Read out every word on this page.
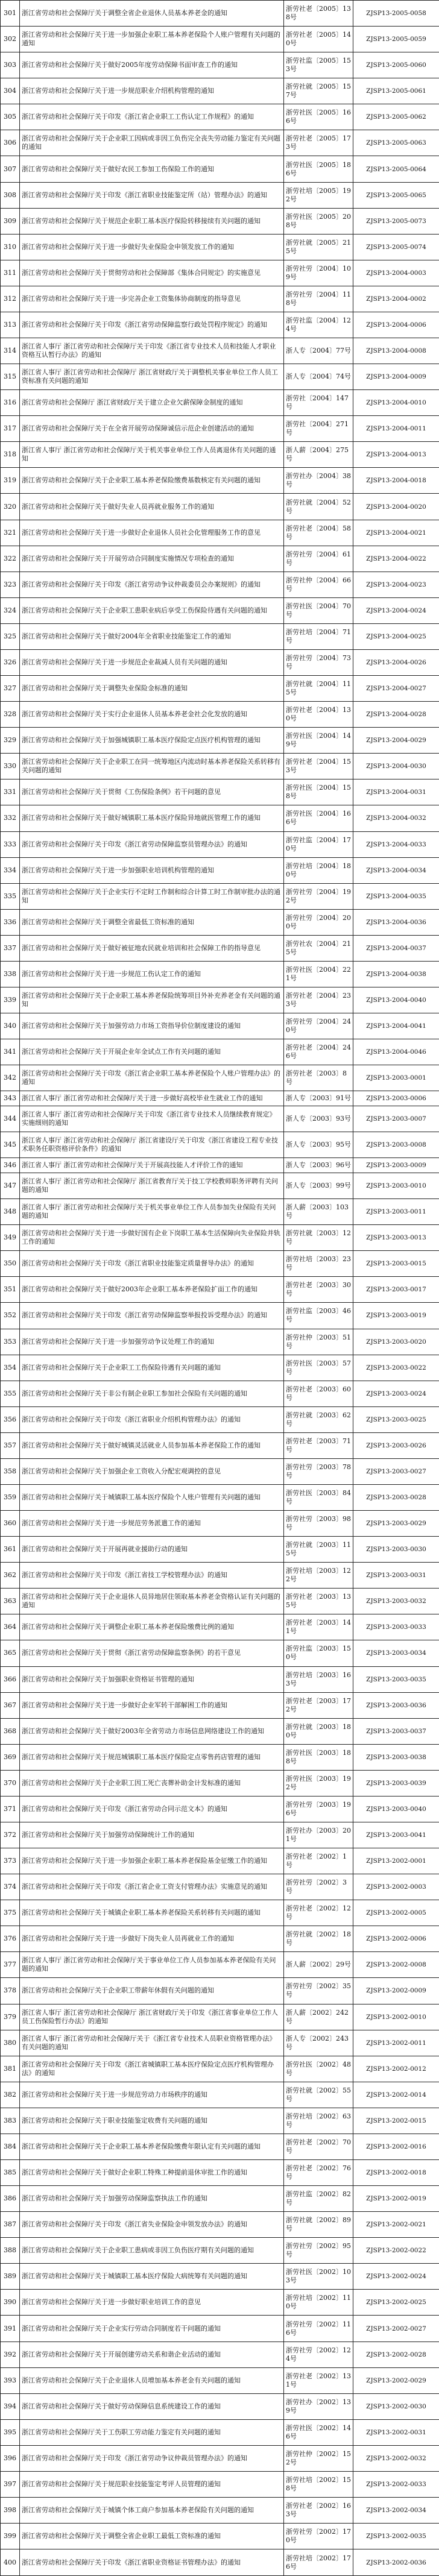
301	浙江省劳动和社会保障厅关于调整全省企业退休人员基本养老金的通知	浙劳社老〔2005〕138号	ZJSP13-2005-0058
302	浙江省劳动和社会保障厅关于进一步加强企业职工基本养老保险个人账户管理有关问题的通知	浙劳社老〔2005〕140号	ZJSP13-2005-0059
303	浙江省劳动和社会保障厅关于做好2005年度劳动保障书面审查工作的通知	浙劳社监〔2005〕153号	ZJSP13-2005-0060
304	浙江省劳动和社会保障厅关于进一步规范职业介绍机构管理的通知	浙劳社就〔2005〕157号	ZJSP13-2005-0061
305	浙江省劳动和社会保障厅关于印发《浙江省企业职工工伤认定工作规程》的通知	浙劳社医〔2005〕166号	ZJSP13-2005-0062
306	浙江省劳动和社会保障厅关于企业职工因病或非因工负伤完全丧失劳动能力鉴定有关问题的通知	浙劳社老〔2005〕173号	ZJSP13-2005-0063
307	浙江省劳动和社会保障厅关于做好农民工参加工伤保险工作的通知	浙劳社医〔2005〕186号	ZJSP13-2005-0064
308	浙江省劳动和社会保障厅关于印发《浙江省职业技能鉴定所（站）管理办法》的通知	浙劳社培〔2005〕192号	ZJSP13-2005-0065
309	浙江省劳动和社会保障厅关于规范企业职工基本医疗保险转移接续有关问题的通知	浙劳社医〔2005〕208号	ZJSP13-2005-0073
310	浙江省劳动和社会保障厅关于进一步做好失业保险金申领发放工作的通知	浙劳社就〔2005〕215号	ZJSP13-2005-0074
311	浙江省劳动和社会保障厅关于贯彻劳动和社会保障部《集体合同规定》的实施意见	浙劳社劳〔2004〕109号	ZJSP13-2004-0003
312	浙江省劳动和社会保障厅关于进一步完善企业工资集体协商制度的指导意见	浙劳社劳〔2004〕118号	ZJSP13-2004-0002
313	浙江省劳动和社会保障厅关于印发《浙江省劳动保障监察行政处罚程序规定》的通知	浙劳社监〔2004〕124号	ZJSP13-2004-0006
314	浙江省人事厅 浙江省劳动和社会保障厅关于印发《浙江省专业技术人员和技能人才职业资格互认暂行办法》的通知	浙人专〔2004〕77号	ZJSP13-2004-0008
315	浙江省人事厅 浙江省劳动和社会保障厅 浙江省财政厅关于调整机关事业单位工作人员工资标准有关问题的通知	浙人专〔2004〕74号	ZJSP13-2004-0009
316	浙江省劳动和社会保障厅 浙江省财政厅关于建立企业欠薪保障金制度的通知	浙劳社〔2004〕147号	ZJSP13-2004-0010
317	浙江省劳动和社会保障厅关于在全省开展劳动保障诚信示范企业创建活动的通知	浙劳社〔2004〕271号	ZJSP13-2004-0011
318	浙江省人事厅 浙江省劳动和社会保障厅关于机关事业单位工作人员离退休有关问题的通知	浙人薪〔2004〕275号	ZJSP13-2004-0013
319	浙江省劳动和社会保障厅关于企业职工基本养老保险缴费基数核定有关问题的通知	浙劳社办〔2004〕38号	ZJSP13-2004-0018
320	浙江省劳动和社会保障厅关于做好失业人员再就业服务工作的通知	浙劳社就〔2004〕52号	ZJSP13-2004-0020
321	浙江省劳动和社会保障厅关于进一步做好企业退休人员社会化管理服务工作的意见	浙劳社老〔2004〕58号	ZJSP13-2004-0021
322	浙江省劳动和社会保障厅关于开展劳动合同制度实施情况专项检查的通知	浙劳社劳〔2004〕61号	ZJSP13-2004-0022
323	浙江省劳动和社会保障厅关于印发《浙江省劳动争议仲裁委员会办案规则》的通知	浙劳社仲〔2004〕66号	ZJSP13-2004-0023
324	浙江省劳动和社会保障厅关于企业职工患职业病后享受工伤保险待遇有关问题的通知	浙劳社医〔2004〕70号	ZJSP13-2004-0024
325	浙江省劳动和社会保障厅关于做好2004年全省职业技能鉴定工作的通知	浙劳社培〔2004〕71号	ZJSP13-2004-0025
326	浙江省劳动和社会保障厅关于进一步规范企业裁减人员有关问题的通知	浙劳社劳〔2004〕73号	ZJSP13-2004-0026
327	浙江省劳动和社会保障厅关于调整失业保险金标准的通知	浙劳社就〔2004〕115号	ZJSP13-2004-0027
328	浙江省劳动和社会保障厅关于实行企业退休人员基本养老金社会化发放的通知	浙劳社老〔2004〕130号	ZJSP13-2004-0028
329	浙江省劳动和社会保障厅关于加强城镇职工基本医疗保险定点医疗机构管理的通知	浙劳社医〔2004〕149号	ZJSP13-2004-0029
330	浙江省劳动和社会保障厅关于企业职工在同一统筹地区内流动时基本养老保险关系转移有关问题的通知	浙劳社老〔2004〕153号	ZJSP13-2004-0030
331	浙江省劳动和社会保障厅关于贯彻《工伤保险条例》若干问题的意见	浙劳社医〔2004〕158号	ZJSP13-2004-0031
332	浙江省劳动和社会保障厅关于做好城镇职工基本医疗保险异地就医管理工作的通知	浙劳社医〔2004〕166号	ZJSP13-2004-0032
333	浙江省劳动和社会保障厅关于印发《浙江省劳动保障监察员管理办法》的通知	浙劳社监〔2004〕170号	ZJSP13-2004-0033
334	浙江省劳动和社会保障厅关于进一步加强职业培训机构管理的通知	浙劳社培〔2004〕180号	ZJSP13-2004-0034
335	浙江省劳动和社会保障厅关于企业实行不定时工作制和综合计算工时工作制审批办法的通知	浙劳社劳〔2004〕192号	ZJSP13-2004-0035
336	浙江省劳动和社会保障厅关于调整全省最低工资标准的通知	浙劳社劳〔2004〕200号	ZJSP13-2004-0036
337	浙江省劳动和社会保障厅关于做好被征地农民就业培训和社会保障工作的指导意见	浙劳社农〔2004〕215号	ZJSP13-2004-0037
338	浙江省劳动和社会保障厅关于进一步规范工伤认定工作的通知	浙劳社医〔2004〕221号	ZJSP13-2004-0038
339	浙江省劳动和社会保障厅关于企业职工基本养老保险统筹项目外补充养老金有关问题的通知	浙劳社老〔2004〕233号	ZJSP13-2004-0040
340	浙江省劳动和社会保障厅关于加强劳动力市场工资指导价位制度建设的通知	浙劳社劳〔2004〕240号	ZJSP13-2004-0041
341	浙江省劳动和社会保障厅关于开展企业年金试点工作有关问题的通知	浙劳社老〔2004〕246号	ZJSP13-2004-0046
342	浙江省劳动和社会保障厅关于印发《浙江省企业职工基本养老保险个人账户管理办法》的通知	浙劳社老〔2003〕8号	ZJSP13-2003-0001
343	浙江省人事厅 浙江省劳动和社会保障厅关于进一步做好高校毕业生就业工作的通知	浙人专〔2003〕91号	ZJSP13-2003-0006
344	浙江省人事厅 浙江省劳动和社会保障厅关于印发《浙江省专业技术人员继续教育规定》实施细则的通知	浙人专〔2003〕93号	ZJSP13-2003-0007
345	浙江省人事厅 浙江省劳动和社会保障厅 浙江省建设厅关于印发《浙江省建设工程专业技术职务任职资格评价条件》的通知	浙人专〔2003〕95号	ZJSP13-2003-0008
346	浙江省人事厅 浙江省劳动和社会保障厅关于开展高技能人才评价工作的通知	浙人专〔2003〕96号	ZJSP13-2003-0009
347	浙江省人事厅 浙江省劳动和社会保障厅 浙江省教育厅关于技工学校教师职务评聘有关问题的通知	浙人专〔2003〕99号	ZJSP13-2003-0010
348	浙江省人事厅 浙江省劳动和社会保障厅关于机关事业单位工作人员参加失业保险有关问题的通知	浙人薪〔2003〕103号	ZJSP13-2003-0011
349	浙江省劳动和社会保障厅关于进一步做好国有企业下岗职工基本生活保障向失业保险并轨工作的通知	浙劳社就〔2003〕12号	ZJSP13-2003-0013
350	浙江省劳动和社会保障厅关于印发《浙江省职业技能鉴定质量督导办法》的通知	浙劳社培〔2003〕23号	ZJSP13-2003-0015
351	浙江省劳动和社会保障厅关于做好2003年企业职工基本养老保险扩面工作的通知	浙劳社老〔2003〕30号	ZJSP13-2003-0017
352	浙江省劳动和社会保障厅关于印发《浙江省劳动保障监察举报投诉受理办法》的通知	浙劳社监〔2003〕46号	ZJSP13-2003-0019
353	浙江省劳动和社会保障厅关于进一步加强劳动争议处理工作的通知	浙劳社仲〔2003〕51号	ZJSP13-2003-0020
354	浙江省劳动和社会保障厅关于企业职工工伤保险待遇有关问题的通知	浙劳社医〔2003〕57号	ZJSP13-2003-0022
355	浙江省劳动和社会保障厅关于非公有制企业职工参加社会保险有关问题的通知	浙劳社老〔2003〕60号	ZJSP13-2003-0024
356	浙江省劳动和社会保障厅关于印发《浙江省职业介绍机构管理办法》的通知	浙劳社就〔2003〕62号	ZJSP13-2003-0025
357	浙江省劳动和社会保障厅关于做好城镇灵活就业人员参加基本养老保险工作的通知	浙劳社老〔2003〕71号	ZJSP13-2003-0026
358	浙江省劳动和社会保障厅关于加强企业工资收入分配宏观调控的意见	浙劳社劳〔2003〕78号	ZJSP13-2003-0027
359	浙江省劳动和社会保障厅关于城镇职工基本医疗保险个人账户管理有关问题的通知	浙劳社医〔2003〕84号	ZJSP13-2003-0028
360	浙江省劳动和社会保障厅关于进一步规范劳务派遣工作的通知	浙劳社劳〔2003〕98号	ZJSP13-2003-0029
361	浙江省劳动和社会保障厅关于开展再就业援助行动的通知	浙劳社就〔2003〕115号	ZJSP13-2003-0030
362	浙江省劳动和社会保障厅关于印发《浙江省技工学校管理办法》的通知	浙劳社培〔2003〕122号	ZJSP13-2003-0031
363	浙江省劳动和社会保障厅关于企业退休人员异地居住领取基本养老金资格认证有关问题的通知	浙劳社老〔2003〕135号	ZJSP13-2003-0032
364	浙江省劳动和社会保障厅关于调整企业职工基本养老保险缴费比例的通知	浙劳社老〔2003〕141号	ZJSP13-2003-0033
365	浙江省劳动和社会保障厅关于贯彻《浙江省劳动保障监察条例》的若干意见	浙劳社监〔2003〕150号	ZJSP13-2003-0034
366	浙江省劳动和社会保障厅关于加强职业资格证书管理的通知	浙劳社培〔2003〕163号	ZJSP13-2003-0035
367	浙江省劳动和社会保障厅关于进一步做好企业军转干部解困工作的通知	浙劳社老〔2003〕172号	ZJSP13-2003-0036
368	浙江省劳动和社会保障厅关于做好2003年全省劳动力市场信息网络建设工作的通知	浙劳社就〔2003〕180号	ZJSP13-2003-0037
369	浙江省劳动和社会保障厅关于规范城镇职工基本医疗保险定点零售药店管理的通知	浙劳社医〔2003〕188号	ZJSP13-2003-0038
370	浙江省劳动和社会保障厅关于企业职工因工死亡丧葬补助金计发标准的通知	浙劳社医〔2003〕192号	ZJSP13-2003-0039
371	浙江省劳动和社会保障厅关于印发《浙江省劳动合同示范文本》的通知	浙劳社劳〔2003〕196号	ZJSP13-2003-0040
372	浙江省劳动和社会保障厅关于加强劳动保障统计工作的通知	浙劳社办〔2003〕201号	ZJSP13-2003-0041
373	浙江省劳动和社会保障厅关于进一步加强企业职工基本养老保险基金征缴工作的通知	浙劳社老〔2002〕1号	ZJSP13-2002-0001
374	浙江省劳动和社会保障厅关于印发《浙江省企业工资支付管理办法》实施意见的通知	浙劳社劳〔2002〕3号	ZJSP13-2002-0003
375	浙江省劳动和社会保障厅关于城镇企业职工基本养老保险关系转移有关问题的通知	浙劳社老〔2002〕12号	ZJSP13-2002-0005
376	浙江省劳动和社会保障厅关于进一步做好下岗失业人员再就业工作的通知	浙劳社就〔2002〕18号	ZJSP13-2002-0006
377	浙江省人事厅 浙江省劳动和社会保障厅关于事业单位工作人员参加基本养老保险有关问题的通知	浙人薪〔2002〕29号	ZJSP13-2002-0008
378	浙江省劳动和社会保障厅关于企业职工带薪年休假有关问题的通知	浙劳社劳〔2002〕35号	ZJSP13-2002-0009
379	浙江省人事厅 浙江省劳动和社会保障厅 浙江省财政厅关于印发《浙江省事业单位工作人员工伤保险暂行办法》的通知	浙人薪〔2002〕242号	ZJSP13-2002-0010
380	浙江省人事厅 浙江省劳动和社会保障厅关于《浙江省专业技术人员职业资格管理办法》有关问题的通知	浙人专〔2002〕243号	ZJSP13-2002-0011
381	浙江省劳动和社会保障厅关于印发《浙江省城镇职工基本医疗保险定点医疗机构管理办法》的通知	浙劳社医〔2002〕48号	ZJSP13-2002-0012
382	浙江省劳动和社会保障厅关于进一步规范劳动力市场秩序的通知	浙劳社就〔2002〕55号	ZJSP13-2002-0014
383	浙江省劳动和社会保障厅关于职业技能鉴定收费有关问题的通知	浙劳社培〔2002〕63号	ZJSP13-2002-0015
384	浙江省劳动和社会保障厅关于企业职工基本养老保险缴费年限认定有关问题的通知	浙劳社老〔2002〕70号	ZJSP13-2002-0016
385	浙江省劳动和社会保障厅关于做好企业职工特殊工种提前退休审批工作的通知	浙劳社老〔2002〕76号	ZJSP13-2002-0018
386	浙江省劳动和社会保障厅关于加强劳动保障监察执法工作的通知	浙劳社监〔2002〕82号	ZJSP13-2002-0019
387	浙江省劳动和社会保障厅关于印发《浙江省失业保险金申领发放办法》的通知	浙劳社就〔2002〕89号	ZJSP13-2002-0021
388	浙江省劳动和社会保障厅关于企业职工患病或非因工负伤医疗期有关问题的通知	浙劳社劳〔2002〕95号	ZJSP13-2002-0022
389	浙江省劳动和社会保障厅关于城镇职工基本医疗保险大病统筹有关问题的通知	浙劳社医〔2002〕103号	ZJSP13-2002-0024
390	浙江省劳动和社会保障厅关于进一步做好职业培训工作的意见	浙劳社培〔2002〕110号	ZJSP13-2002-0025
391	浙江省劳动和社会保障厅关于企业实行劳动合同制度若干问题的通知	浙劳社劳〔2002〕116号	ZJSP13-2002-0027
392	浙江省劳动和社会保障厅关于开展创建劳动关系和谐企业活动的通知	浙劳社劳〔2002〕124号	ZJSP13-2002-0028
393	浙江省劳动和社会保障厅关于企业退休人员增加基本养老金有关问题的通知	浙劳社老〔2002〕131号	ZJSP13-2002-0029
394	浙江省劳动和社会保障厅关于做好劳动保障信息系统建设工作的通知	浙劳社办〔2002〕139号	ZJSP13-2002-0030
395	浙江省劳动和社会保障厅关于工伤职工劳动能力鉴定有关问题的通知	浙劳社医〔2002〕146号	ZJSP13-2002-0031
396	浙江省劳动和社会保障厅关于印发《浙江省劳动争议仲裁员管理办法》的通知	浙劳社仲〔2002〕152号	ZJSP13-2002-0032
397	浙江省劳动和社会保障厅关于规范职业技能鉴定考评人员管理的通知	浙劳社培〔2002〕158号	ZJSP13-2002-0033
398	浙江省劳动和社会保障厅关于城镇个体工商户参加基本养老保险有关问题的通知	浙劳社老〔2002〕163号	ZJSP13-2002-0034
399	浙江省劳动和社会保障厅关于调整全省企业职工最低工资标准的通知	浙劳社劳〔2002〕170号	ZJSP13-2002-0035
400	浙江省劳动和社会保障厅关于印发《浙江省职业资格证书管理办法》的通知	浙劳社培〔2002〕176号	ZJSP13-2002-0036
